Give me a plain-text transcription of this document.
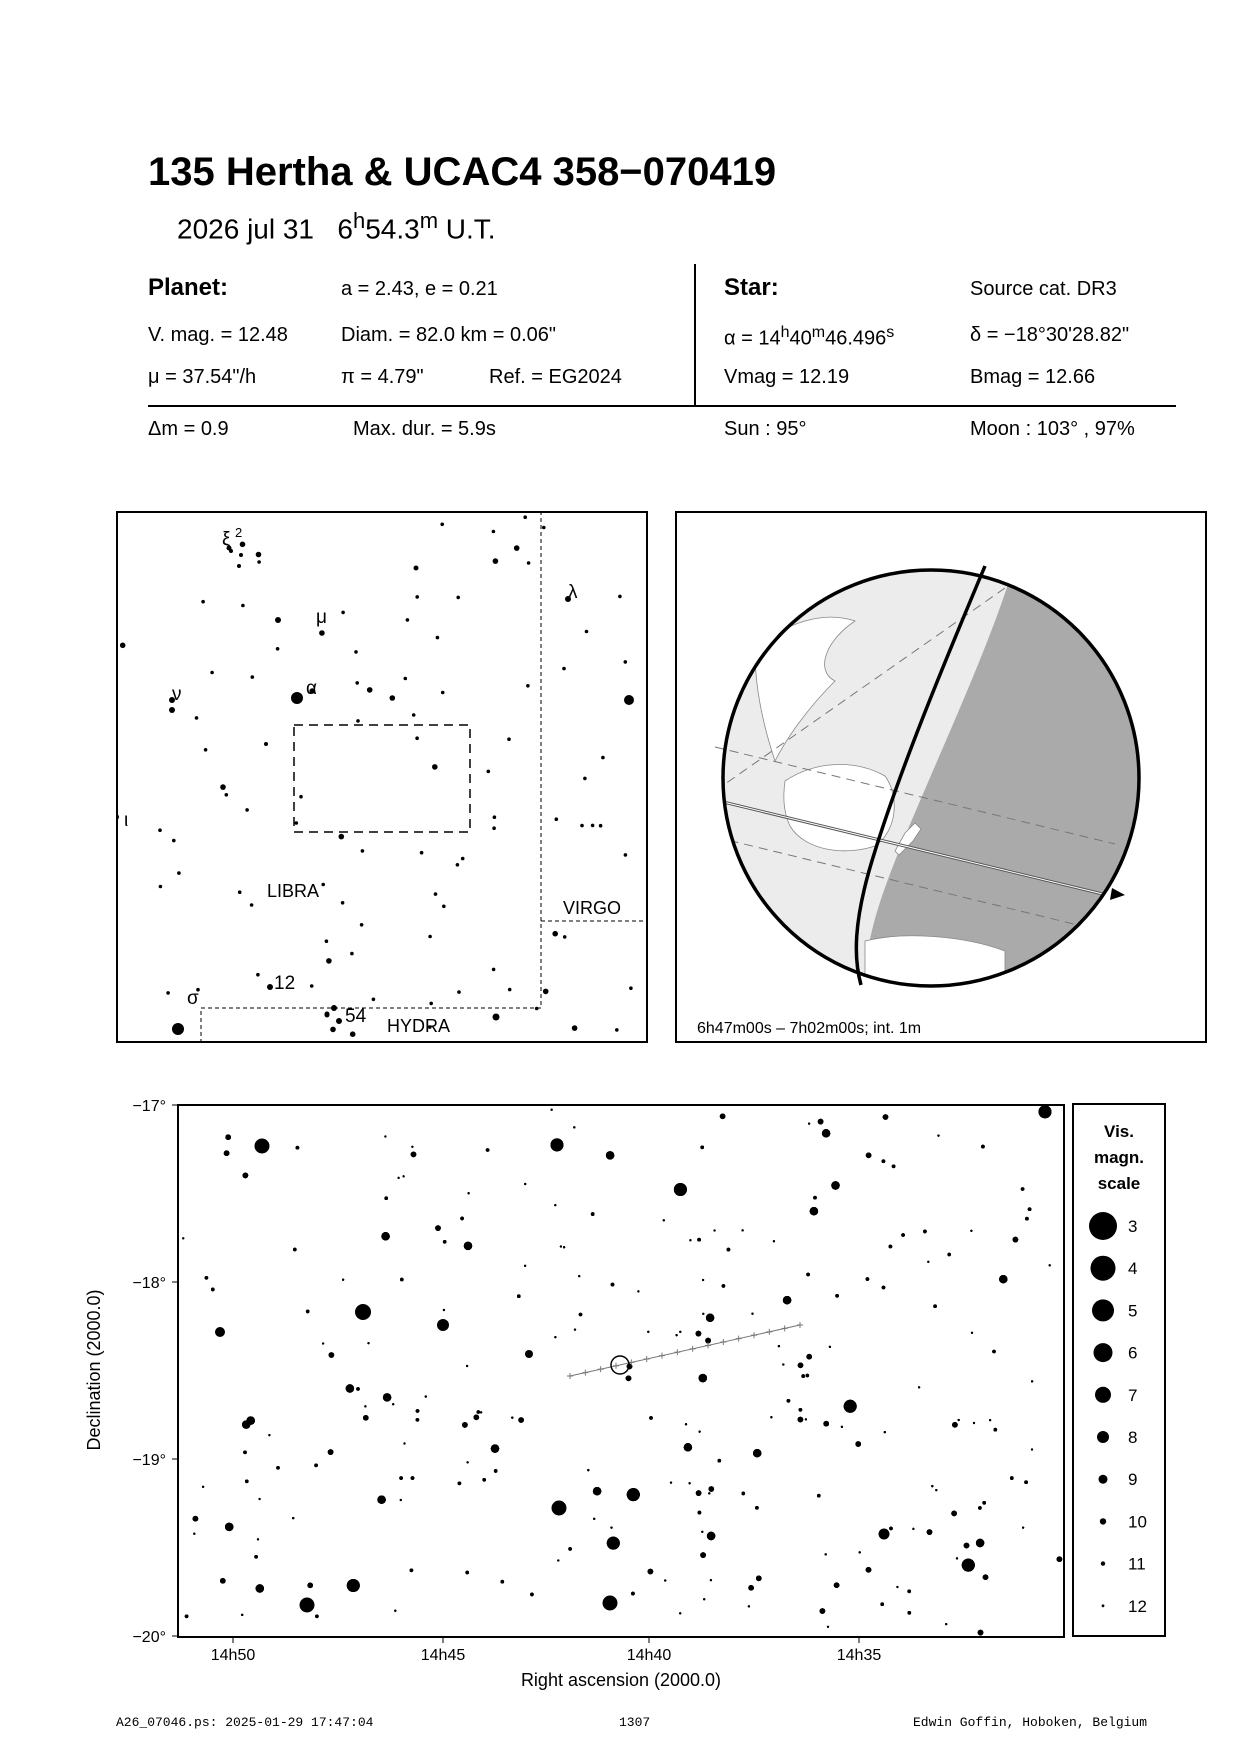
135 Hertha & UCAC4 358−070419
2026 jul 31 6$^h$54.3$^m$ U.T.
Planet:	a = 2.43, e = 0.21
V. mag. = 12.48	Diam. = 82.0 km = 0.06"
μ = 37.54"/h	π = 4.79"	Ref. = EG2024
Star:	Source cat. DR3
$\alpha = 14^h40^m46.496^s$	δ = −18°30'28.82"
Vmag = 12.19	Bmag = 12.66
Δm = 0.9	Max. dur. = 5.9s	Sun : 95°	Moon : 103° , 97%
ξ 2
μ
λ
ν	α
ι
12
σ
54
LIBRA
VIRGO
HYDRA	6h47m00s – 7h02m00s; int. 1m
−17°
−18°
−19°
−20°
Declination (2000.0)
14h50	14h45	14h40	14h35
Right ascension (2000.0)
Vis.
magn.
scale
3
4
5
6
7
8
9
10
11
12
A26_07046.ps: 2025-01-29 17:47:04	1307	Edwin Goffin, Hoboken, Belgium
